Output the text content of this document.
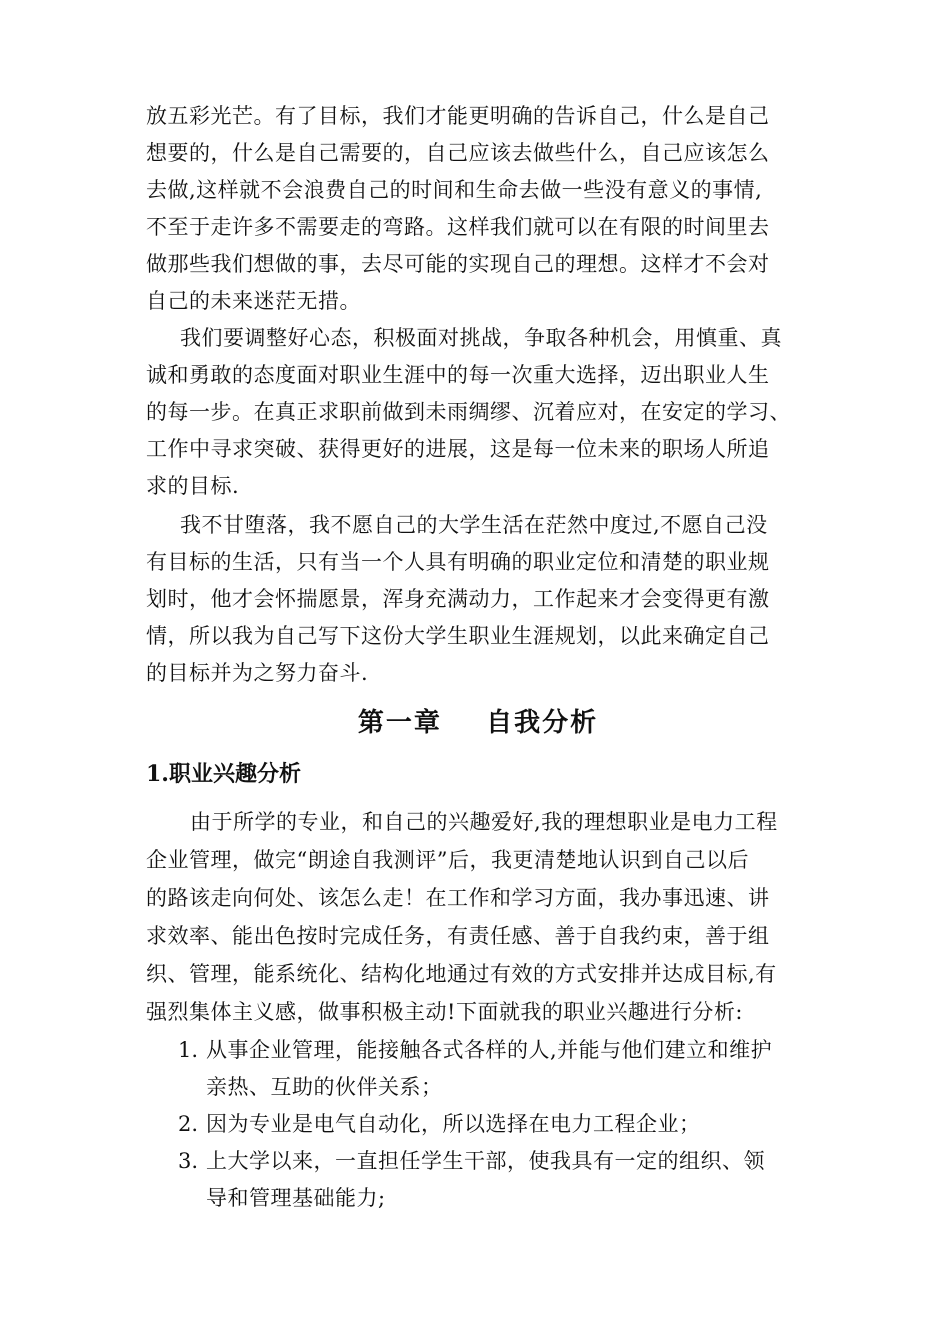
放五彩光芒。有了目标，我们才能更明确的告诉自己，什么是自己
想要的，什么是自己需要的，自己应该去做些什么，自己应该怎么
去做,这样就不会浪费自己的时间和生命去做一些没有意义的事情,
不至于走许多不需要走的弯路。这样我们就可以在有限的时间里去
做那些我们想做的事，去尽可能的实现自己的理想。这样才不会对
自己的未来迷茫无措。
我们要调整好心态，积极面对挑战，争取各种机会，用慎重、真
诚和勇敢的态度面对职业生涯中的每一次重大选择，迈出职业人生
的每一步。在真正求职前做到未雨绸缪、沉着应对，在安定的学习、
工作中寻求突破、获得更好的进展，这是每一位未来的职场人所追
求的目标.
我不甘堕落，我不愿自己的大学生活在茫然中度过,不愿自己没
有目标的生活，只有当一个人具有明确的职业定位和清楚的职业规
划时，他才会怀揣愿景，浑身充满动力，工作起来才会变得更有激
情，所以我为自己写下这份大学生职业生涯规划，以此来确定自己
的目标并为之努力奋斗.
第一章    自我分析
1.职业兴趣分析
由于所学的专业，和自己的兴趣爱好,我的理想职业是电力工程
企业管理，做完“朗途自我测评”后，我更清楚地认识到自己以后
的路该走向何处、该怎么走！在工作和学习方面，我办事迅速、讲
求效率、能出色按时完成任务，有责任感、善于自我约束，善于组
织、管理，能系统化、结构化地通过有效的方式安排并达成目标,有
强烈集体主义感，做事积极主动!下面就我的职业兴趣进行分析:
1. 从事企业管理，能接触各式各样的人,并能与他们建立和维护
亲热、互助的伙伴关系；
2. 因为专业是电气自动化，所以选择在电力工程企业；
3. 上大学以来，一直担任学生干部，使我具有一定的组织、领
导和管理基础能力;
